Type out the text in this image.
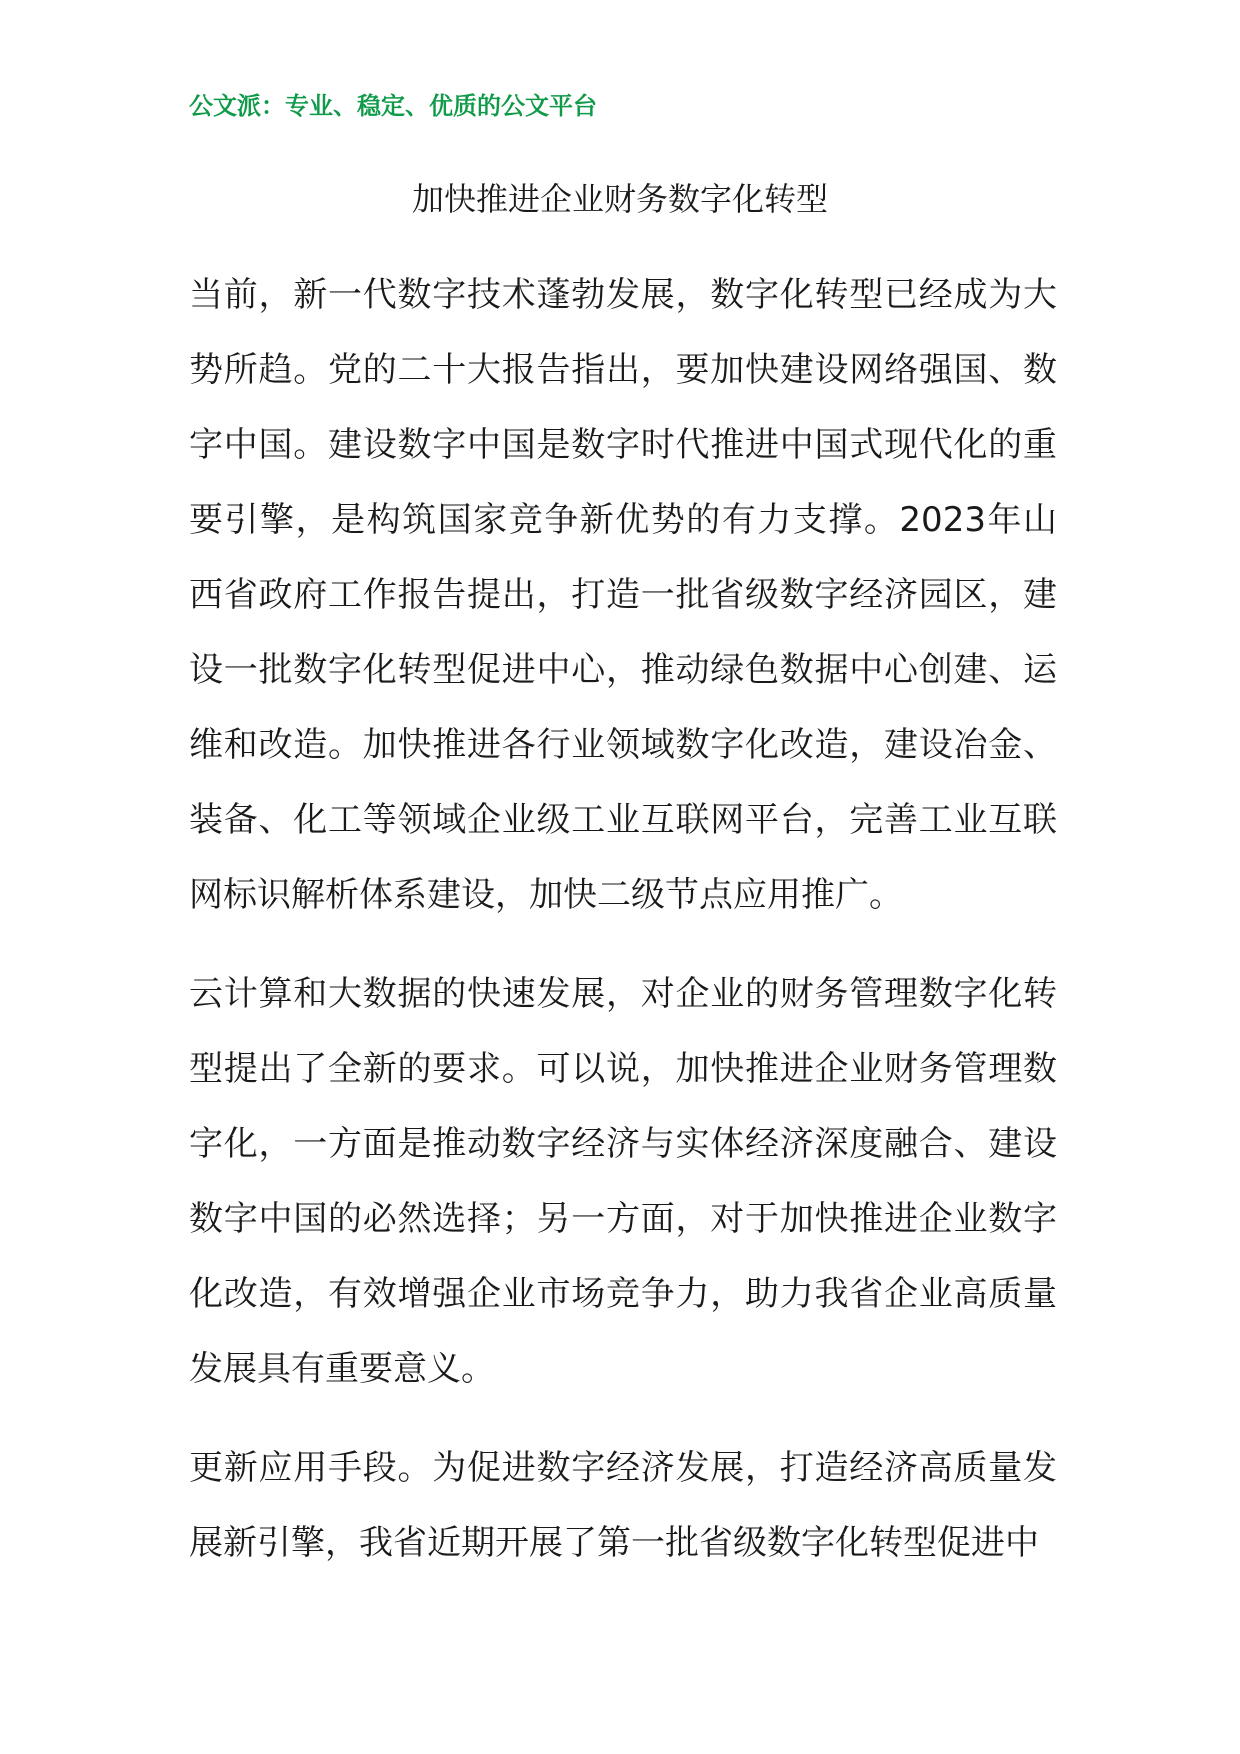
公文派：专业、稳定、优质的公文平台
加快推进企业财务数字化转型

当前，新一代数字技术蓬勃发展，数字化转型已经成为大势所趋。党的二十大报告指出，要加快建设网络强国、数字中国。建设数字中国是数字时代推进中国式现代化的重要引擎，是构筑国家竞争新优势的有力支撑。2023年山西省政府工作报告提出，打造一批省级数字经济园区，建设一批数字化转型促进中心，推动绿色数据中心创建、运维和改造。加快推进各行业领域数字化改造，建设冶金、装备、化工等领域企业级工业互联网平台，完善工业互联网标识解析体系建设，加快二级节点应用推广。

云计算和大数据的快速发展，对企业的财务管理数字化转型提出了全新的要求。可以说，加快推进企业财务管理数字化，一方面是推动数字经济与实体经济深度融合、建设数字中国的必然选择；另一方面，对于加快推进企业数字化改造，有效增强企业市场竞争力，助力我省企业高质量发展具有重要意义。

更新应用手段。为促进数字经济发展，打造经济高质量发展新引擎，我省近期开展了第一批省级数字化转型促进中
